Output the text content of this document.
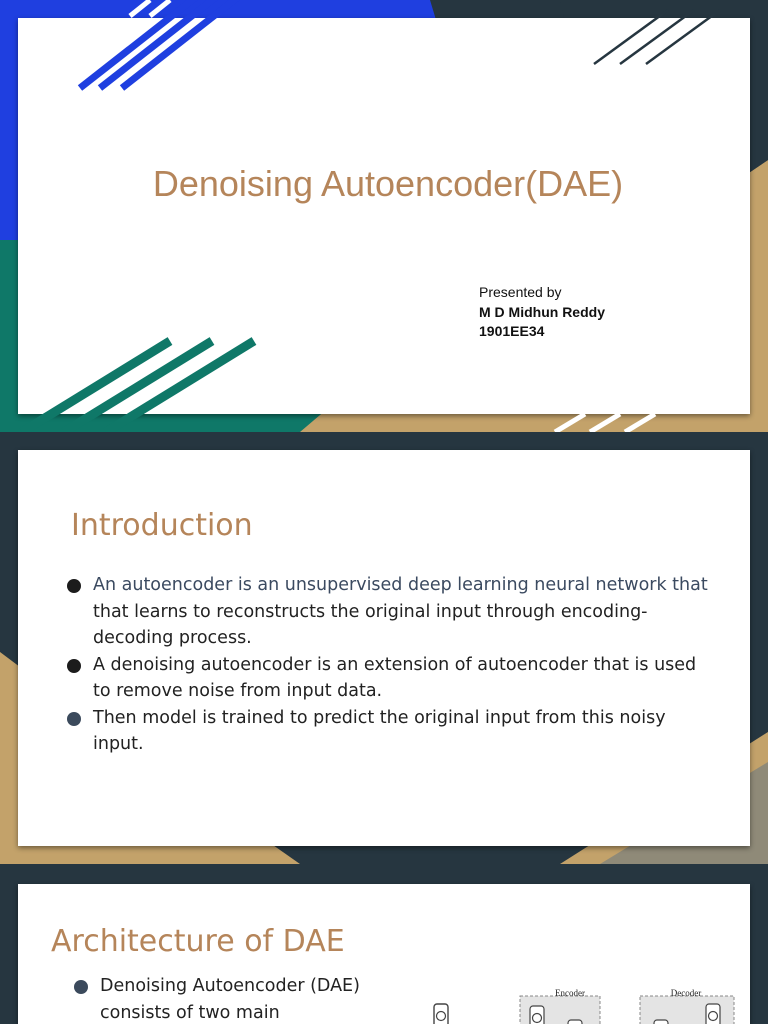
Denoising Autoencoder(DAE)
Presented by
M D Midhun Reddy
1901EE34
Introduction
An autoencoder is an unsupervised deep learning neural network that that learns to reconstructs the original input through encoding-decoding process.
A denoising autoencoder is an extension of autoencoder that is used to remove noise from input data.
Then model is trained to predict the original input from this noisy input.
Architecture of DAE
Denoising Autoencoder (DAE) consists of two main
Encoder	Decoder
